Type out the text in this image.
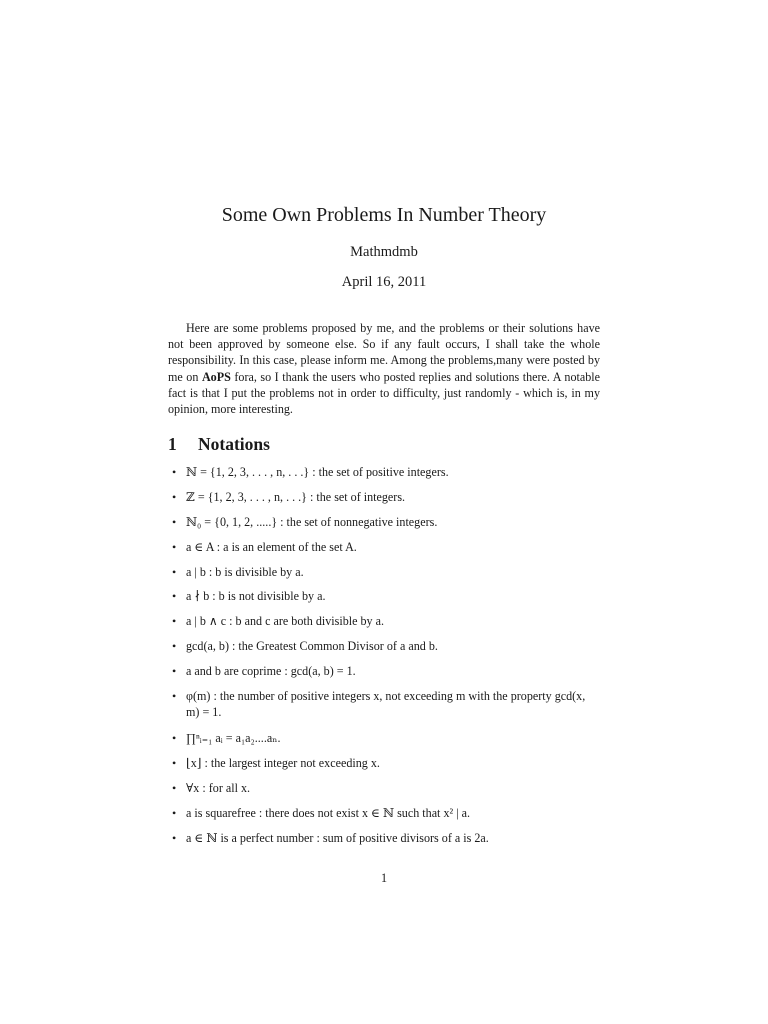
Some Own Problems In Number Theory
Mathmdmb
April 16, 2011

Here are some problems proposed by me, and the problems or their solutions have not been approved by someone else. So if any fault occurs, I shall take the whole responsibility. In this case, please inform me. Among the problems,many were posted by me on AoPS fora, so I thank the users who posted replies and solutions there. A notable fact is that I put the problems not in order to difficulty, just randomly - which is, in my opinion, more interesting.

1 Notations
• ℕ = {1, 2, 3, . . . , n, . . .} : the set of positive integers.
• ℤ = {1, 2, 3, . . . , n, . . .} : the set of integers.
• ℕ₀ = {0, 1, 2, .....} : the set of nonnegative integers.
• a ∈ A : a is an element of the set A.
• a | b : b is divisible by a.
• a ∤ b : b is not divisible by a.
• a | b ∧ c : b and c are both divisible by a.
• gcd(a, b) : the Greatest Common Divisor of a and b.
• a and b are coprime : gcd(a, b) = 1.
• φ(m) : the number of positive integers x, not exceeding m with the property gcd(x, m) = 1.
• ∏ⁿᵢ₌₁ aᵢ = a₁a₂....aₙ.
• ⌊x⌋ : the largest integer not exceeding x.
• ∀x : for all x.
• a is squarefree : there does not exist x ∈ ℕ such that x² | a.
• a ∈ ℕ is a perfect number : sum of positive divisors of a is 2a.
1
